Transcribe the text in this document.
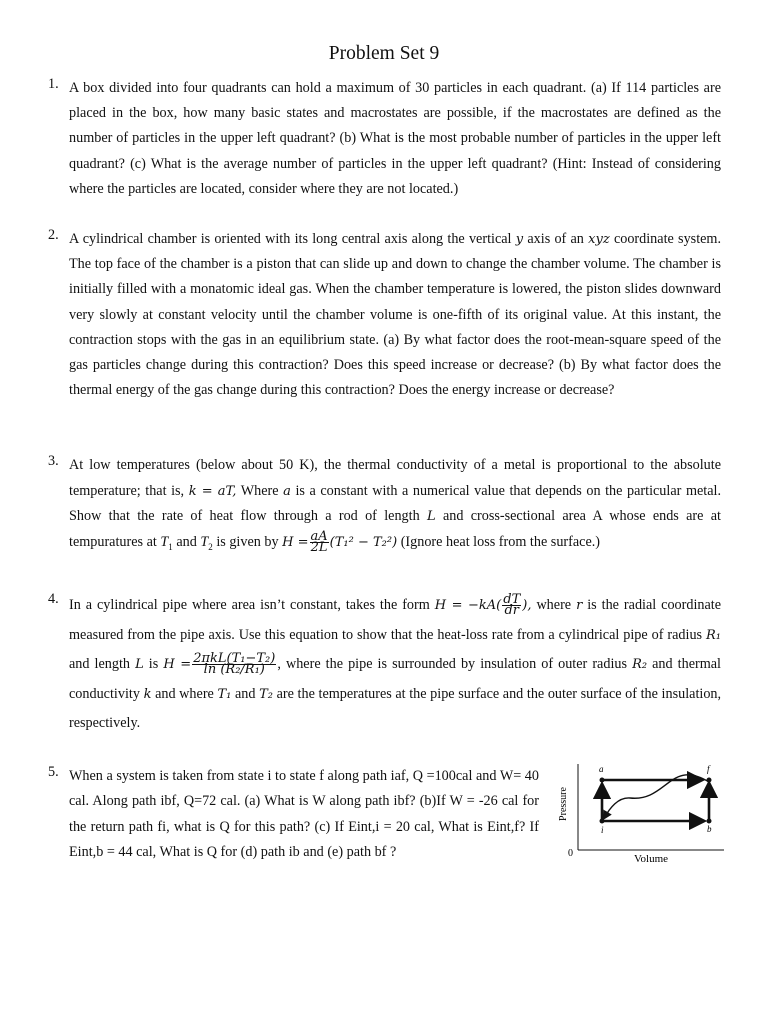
Problem Set 9
1. A box divided into four quadrants can hold a maximum of 30 particles in each quadrant. (a) If 114 particles are placed in the box, how many basic states and macrostates are possible, if the macrostates are defined as the number of particles in the upper left quadrant? (b) What is the most probable number of particles in the upper left quadrant? (c) What is the average number of particles in the upper left quadrant? (Hint: Instead of considering where the particles are located, consider where they are not located.)

2. A cylindrical chamber is oriented with its long central axis along the vertical y axis of an xyz coordinate system. The top face of the chamber is a piston that can slide up and down to change the chamber volume. The chamber is initially filled with a monatomic ideal gas. When the chamber temperature is lowered, the piston slides downward very slowly at constant velocity until the chamber volume is one-fifth of its original value. At this instant, the contraction stops with the gas in an equilibrium state. (a) By what factor does the root-mean-square speed of the gas particles change during this contraction? Does this speed increase or decrease? (b) By what factor does the thermal energy of the gas change during this contraction? Does the energy increase or decrease?

3. At low temperatures (below about 50 K), the thermal conductivity of a metal is proportional to the absolute temperature; that is, k = aT, Where a is a constant with a numerical value that depends on the particular metal. Show that the rate of heat flow through a rod of length L and cross-sectional area A whose ends are at tempuratures at $T_1$ and $T_2$ is given by $H = \frac{aA}{2L} (T_1^2 - T_2^2)$ (Ignore heat loss from the surface.)

4. In a cylindrical pipe where area isn’t constant, takes the form $H = -kA( \frac{dT}{dr}$ ), where r is the radial coordinate measured from the pipe axis. Use this equation to show that the heat-loss rate from a cylindrical pipe of radius R₁ and length L is $H = \frac{\text{2πkL(T₁−T₂)}}{\text{ln (R₂/R₁)}}$ , where the pipe is surrounded by insulation of outer radius R₂ and thermal conductivity k and where T₁ and T₂ are the temperatures at the pipe surface and the outer surface of the insulation, respectively.

5. When a system is taken from state i to state f along path iaf, Q =100cal and W= 40 cal. Along path ibf, Q=72 cal. (a) What is W along path ibf? (b)If W = -26 cal for the return path fi, what is Q for this path? (c) If Eint,i = 20 cal, What is Eint,f? If Eint,b = 44 cal, What is Q for (d) path ib and (e) path bf ?

Pressure
Volume
0
a	f
i	b
